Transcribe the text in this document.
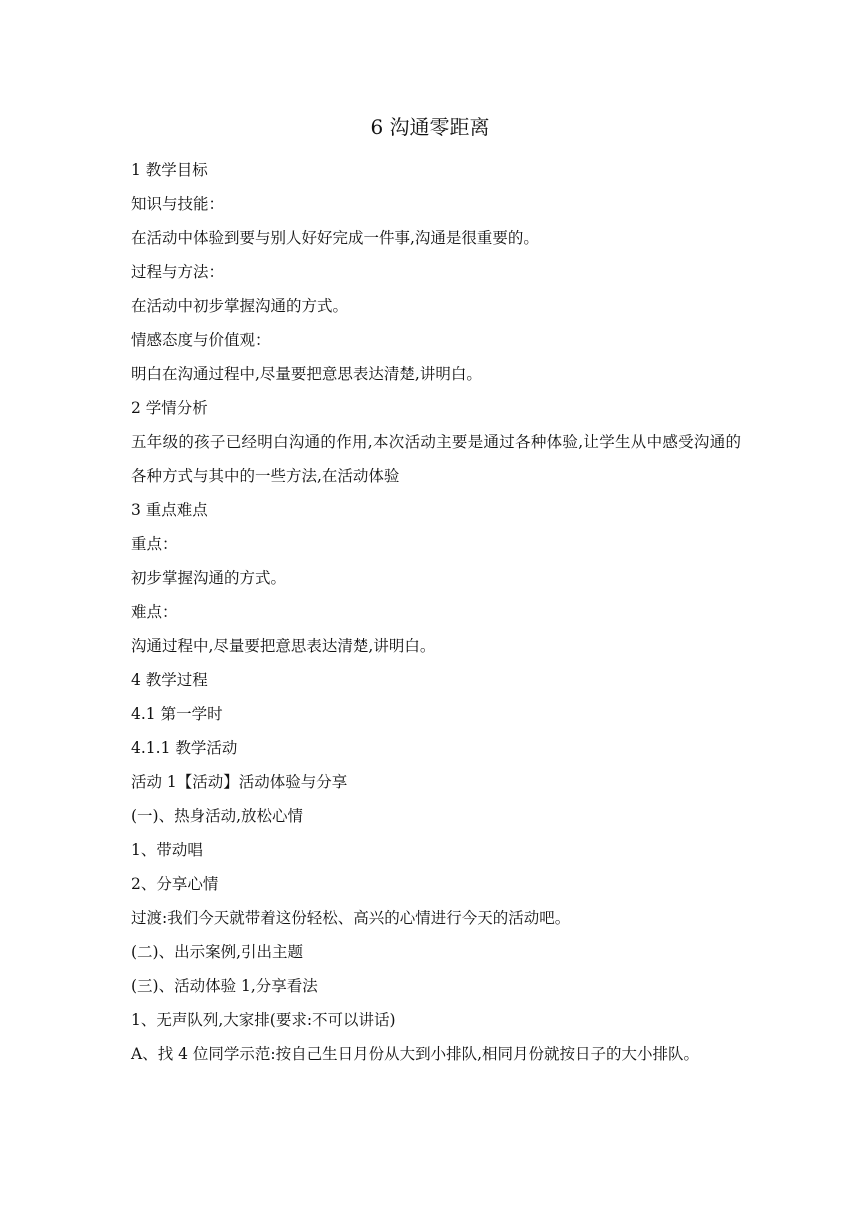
6 沟通零距离
1 教学目标
知识与技能：
在活动中体验到要与别人好好完成一件事,沟通是很重要的。
过程与方法：
在活动中初步掌握沟通的方式。
情感态度与价值观：
明白在沟通过程中,尽量要把意思表达清楚,讲明白。
2 学情分析

五年级的孩子已经明白沟通的作用,本次活动主要是通过各种体验,让学生从中感受沟通的各种方式与其中的一些方法,在活动体验

3 重点难点
重点：
初步掌握沟通的方式。
难点：
沟通过程中,尽量要把意思表达清楚,讲明白。
4 教学过程
4.1 第一学时
4.1.1 教学活动
活动 1【活动】活动体验与分享
(一)、热身活动,放松心情
1、带动唱
2、分享心情
过渡:我们今天就带着这份轻松、高兴的心情进行今天的活动吧。
(二)、出示案例,引出主题
(三)、活动体验 1,分享看法
1、无声队列,大家排(要求:不可以讲话)

A、找 4 位同学示范:按自己生日月份从大到小排队,相同月份就按日子的大小排队。
